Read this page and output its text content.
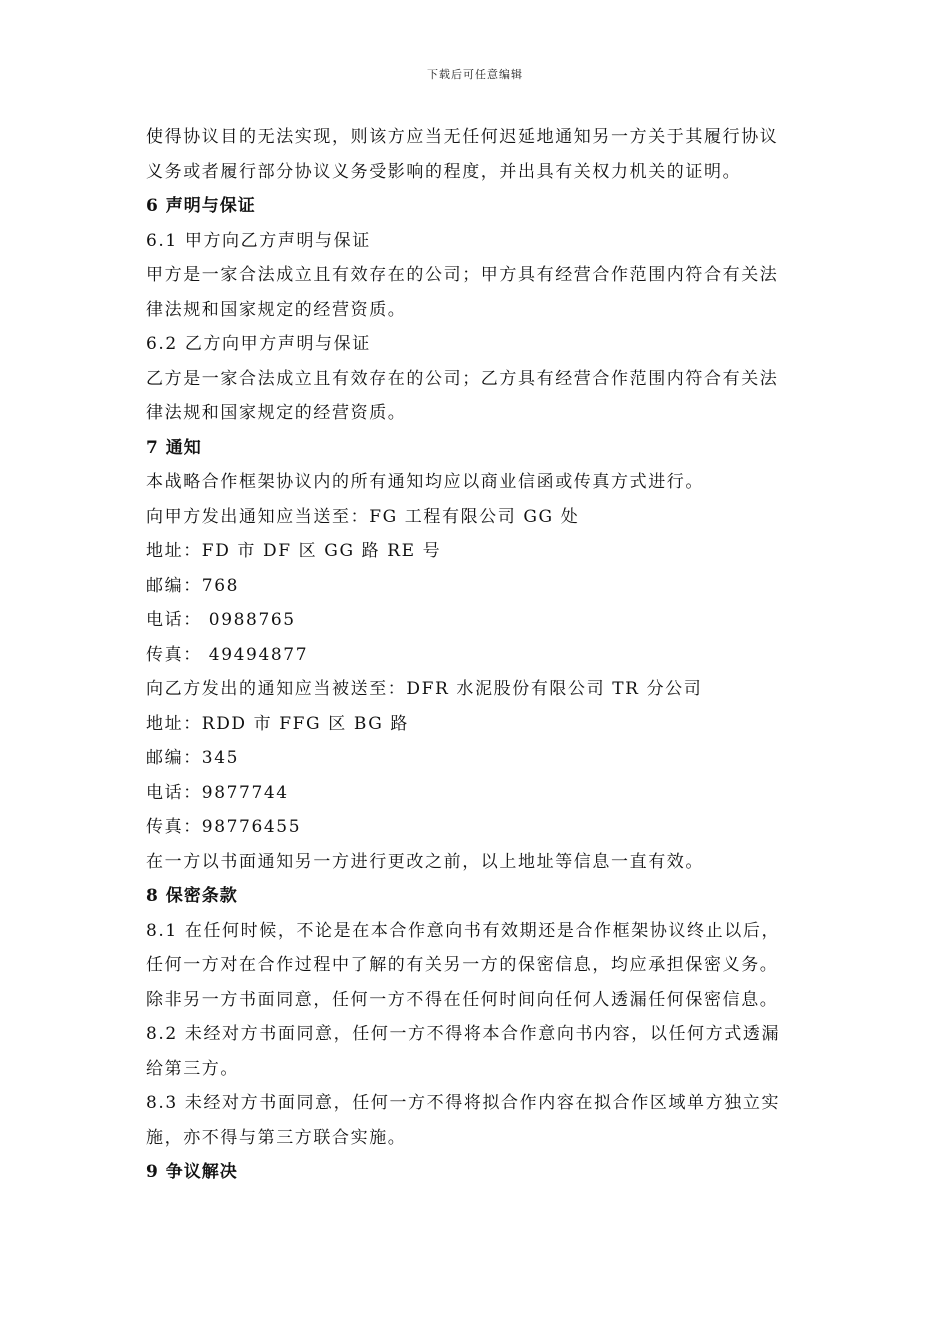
下载后可任意编辑
使得协议目的无法实现，则该方应当无任何迟延地通知另一方关于其履行协议
义务或者履行部分协议义务受影响的程度，并出具有关权力机关的证明。
6 声明与保证
6.1 甲方向乙方声明与保证
甲方是一家合法成立且有效存在的公司；甲方具有经营合作范围内符合有关法
律法规和国家规定的经营资质。
6.2 乙方向甲方声明与保证
乙方是一家合法成立且有效存在的公司；乙方具有经营合作范围内符合有关法
律法规和国家规定的经营资质。
7 通知
本战略合作框架协议内的所有通知均应以商业信函或传真方式进行。
向甲方发出通知应当送至：FG 工程有限公司 GG 处
地址：FD 市 DF 区 GG 路 RE 号
邮编：768
电话： 0988765
传真： 49494877
向乙方发出的通知应当被送至：DFR 水泥股份有限公司 TR 分公司
地址：RDD 市 FFG 区 BG 路
邮编：345
电话：9877744
传真：98776455
在一方以书面通知另一方进行更改之前，以上地址等信息一直有效。
8 保密条款
8.1 在任何时候，不论是在本合作意向书有效期还是合作框架协议终止以后，
任何一方对在合作过程中了解的有关另一方的保密信息，均应承担保密义务。
除非另一方书面同意，任何一方不得在任何时间向任何人透漏任何保密信息。
8.2 未经对方书面同意，任何一方不得将本合作意向书内容，以任何方式透漏
给第三方。
8.3 未经对方书面同意，任何一方不得将拟合作内容在拟合作区域单方独立实
施，亦不得与第三方联合实施。
9 争议解决
